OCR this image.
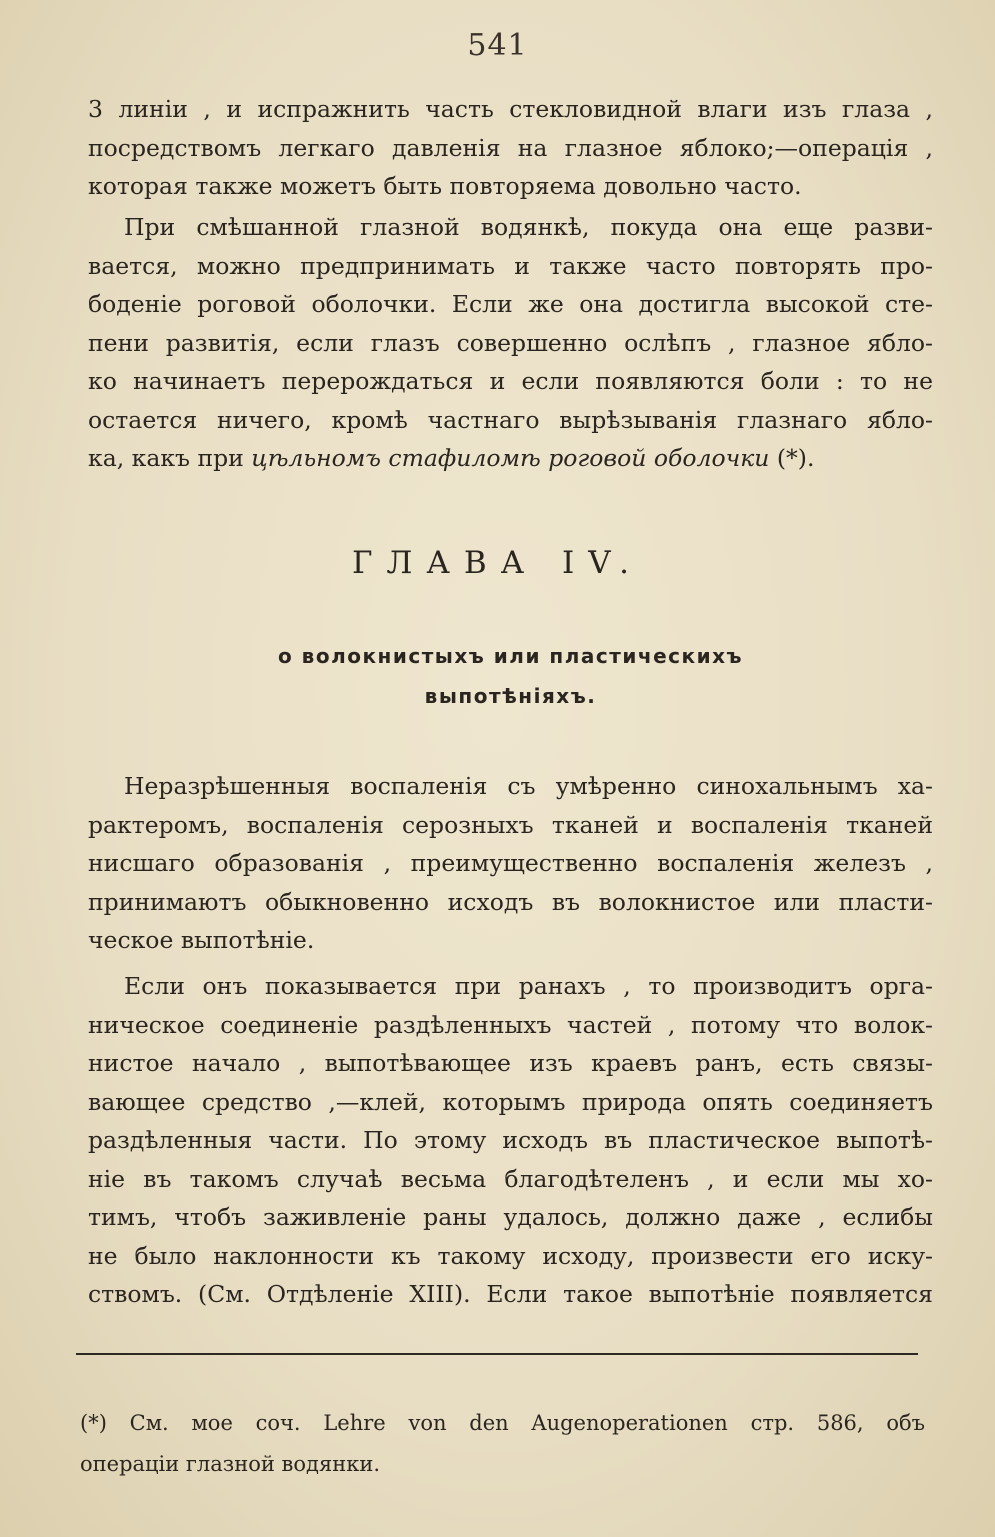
541
3 линіи , и испражнить часть стекловидной влаги изъ глаза ,
посредствомъ легкаго давленія на глазное яблоко;—операція ,
которая также можетъ быть повторяема довольно часто.
При смѣшанной глазной водянкѣ, покуда она еще разви-
вается, можно предпринимать и также часто повторять про-
боденіе роговой оболочки. Если же она достигла высокой сте-
пени развитія, если глазъ совершенно ослѣпъ , глазное ябло-
ко начинаетъ перерождаться и если появляются боли : то не
остается ничего, кромѣ частнаго вырѣзыванія глазнаго ябло-
ка, какъ при цѣльномъ стафиломѣ роговой оболочки (*).
ГЛАВА IV.
о волокнистыхъ или пластическихъ
выпотѣніяхъ.
Неразрѣшенныя воспаленія съ умѣренно синохальнымъ ха-
рактеромъ, воспаленія серозныхъ тканей и воспаленія тканей
нисшаго образованія , преимущественно воспаленія железъ ,
принимаютъ обыкновенно исходъ въ волокнистое или пласти-
ческое выпотѣніе.
Если онъ показывается при ранахъ , то производитъ орга-
ническое соединеніе раздѣленныхъ частей , потому что волок-
нистое начало , выпотѣвающее изъ краевъ ранъ, есть связы-
вающее средство ,—клей, которымъ природа опять соединяетъ
раздѣленныя части. По этому исходъ въ пластическое выпотѣ-
ніе въ такомъ случаѣ весьма благодѣтеленъ , и если мы хо-
тимъ, чтобъ заживленіе раны удалось, должно даже , еслибы
не было наклонности къ такому исходу, произвести его иску-
ствомъ. (См. Отдѣленіе XIII). Если такое выпотѣніе появляется
(*) См. мое соч. Lehre von den Augenoperationen стр. 586, объ
операціи глазной водянки.
